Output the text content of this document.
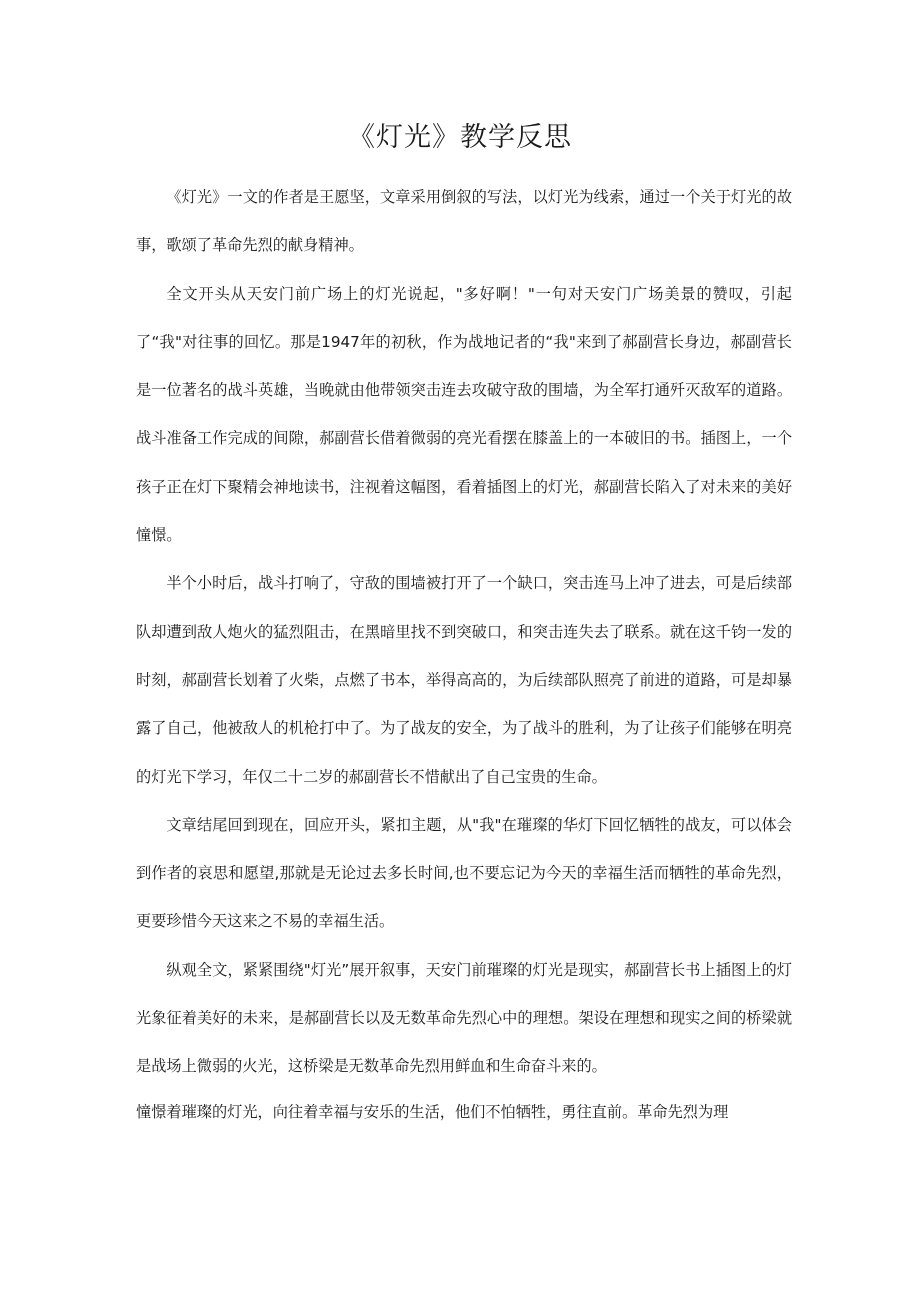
《灯光》教学反思

《灯光》一文的作者是王愿坚，文章采用倒叙的写法，以灯光为线索，通过一个关于灯光的故事，歌颂了革命先烈的献身精神。

全文开头从天安门前广场上的灯光说起，"多好啊！"一句对天安门广场美景的赞叹，引起了“我"对往事的回忆。那是1947年的初秋，作为战地记者的“我"来到了郝副营长身边，郝副营长是一位著名的战斗英雄，当晚就由他带领突击连去攻破守敌的围墙，为全军打通歼灭敌军的道路。战斗准备工作完成的间隙，郝副营长借着微弱的亮光看摆在膝盖上的一本破旧的书。插图上，一个孩子正在灯下聚精会神地读书，注视着这幅图，看着插图上的灯光，郝副营长陷入了对未来的美好憧憬。

半个小时后，战斗打响了，守敌的围墙被打开了一个缺口，突击连马上冲了进去，可是后续部队却遭到敌人炮火的猛烈阻击，在黑暗里找不到突破口，和突击连失去了联系。就在这千钧一发的时刻，郝副营长划着了火柴，点燃了书本，举得高高的，为后续部队照亮了前进的道路，可是却暴露了自己，他被敌人的机枪打中了。为了战友的安全，为了战斗的胜利，为了让孩子们能够在明亮的灯光下学习，年仅二十二岁的郝副营长不惜献出了自己宝贵的生命。

文章结尾回到现在，回应开头，紧扣主题，从"我"在璀璨的华灯下回忆牺牲的战友，可以体会到作者的哀思和愿望,那就是无论过去多长时间,也不要忘记为今天的幸福生活而牺牲的革命先烈，更要珍惜今天这来之不易的幸福生活。

纵观全文，紧紧围绕"灯光”展开叙事，天安门前璀璨的灯光是现实，郝副营长书上插图上的灯光象征着美好的未来，是郝副营长以及无数革命先烈心中的理想。架设在理想和现实之间的桥梁就是战场上微弱的火光，这桥梁是无数革命先烈用鲜血和生命奋斗来的。

憧憬着璀璨的灯光，向往着幸福与安乐的生活，他们不怕牺牲，勇往直前。革命先烈为理
